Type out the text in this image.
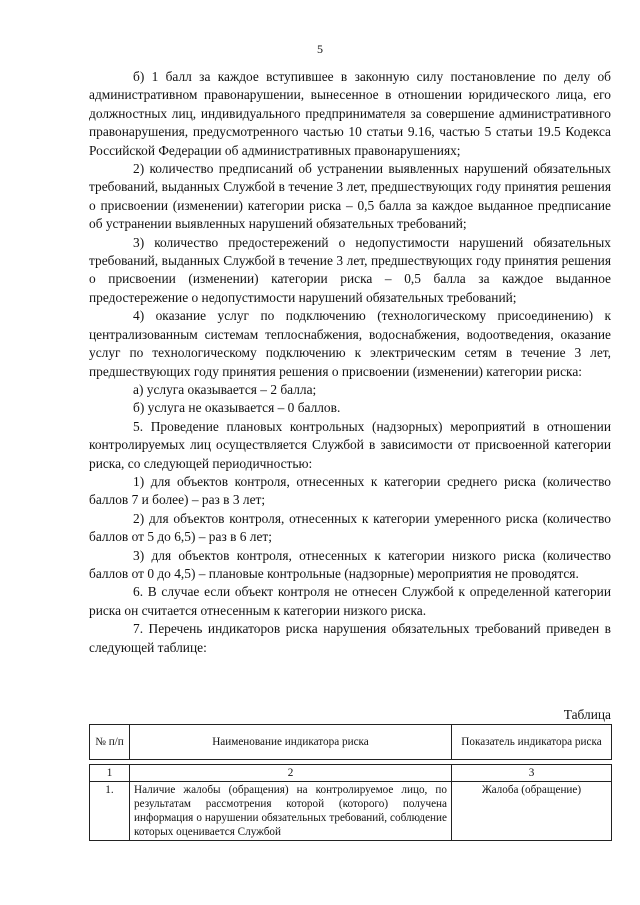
5

б) 1 балл за каждое вступившее в законную силу постановление по делу об административном правонарушении, вынесенное в отношении юридического лица, его должностных лиц, индивидуального предпринимателя за совершение административного правонарушения, предусмотренного частью 10 статьи 9.16, частью 5 статьи 19.5 Кодекса Российской Федерации об административных правонарушениях;

2) количество предписаний об устранении выявленных нарушений обязательных требований, выданных Службой в течение 3 лет, предшествующих году принятия решения о присвоении (изменении) категории риска – 0,5 балла за каждое выданное предписание об устранении выявленных нарушений обязательных требований;

3) количество предостережений о недопустимости нарушений обязательных требований, выданных Службой в течение 3 лет, предшествующих году принятия решения о присвоении (изменении) категории риска – 0,5 балла за каждое выданное предостережение о недопустимости нарушений обязательных требований;

4) оказание услуг по подключению (технологическому присоединению) к централизованным системам теплоснабжения, водоснабжения, водоотведения, оказание услуг по технологическому подключению к электрическим сетям в течение 3 лет, предшествующих году принятия решения о присвоении (изменении) категории риска:

а) услуга оказывается – 2 балла;

б) услуга не оказывается – 0 баллов.

5. Проведение плановых контрольных (надзорных) мероприятий в отношении контролируемых лиц осуществляется Службой в зависимости от присвоенной категории риска, со следующей периодичностью:

1) для объектов контроля, отнесенных к категории среднего риска (количество баллов 7 и более) – раз в 3 лет;

2) для объектов контроля, отнесенных к категории умеренного риска (количество баллов от 5 до 6,5) – раз в 6 лет;

3) для объектов контроля, отнесенных к категории низкого риска (количество баллов от 0 до 4,5) – плановые контрольные (надзорные) мероприятия не проводятся.

6. В случае если объект контроля не отнесен Службой к определенной категории риска он считается отнесенным к категории низкого риска.

7. Перечень индикаторов риска нарушения обязательных требований приведен в следующей таблице:

Таблица
№ п/п	Наименование индикатора риска	Показатель индикатора риска
1	2	3
1.	Наличие жалобы (обращения) на контролируемое лицо, по результатам рассмотрения которой (которого) получена информация о нарушении обязательных требований, соблюдение которых оценивается Службой	Жалоба (обращение)
